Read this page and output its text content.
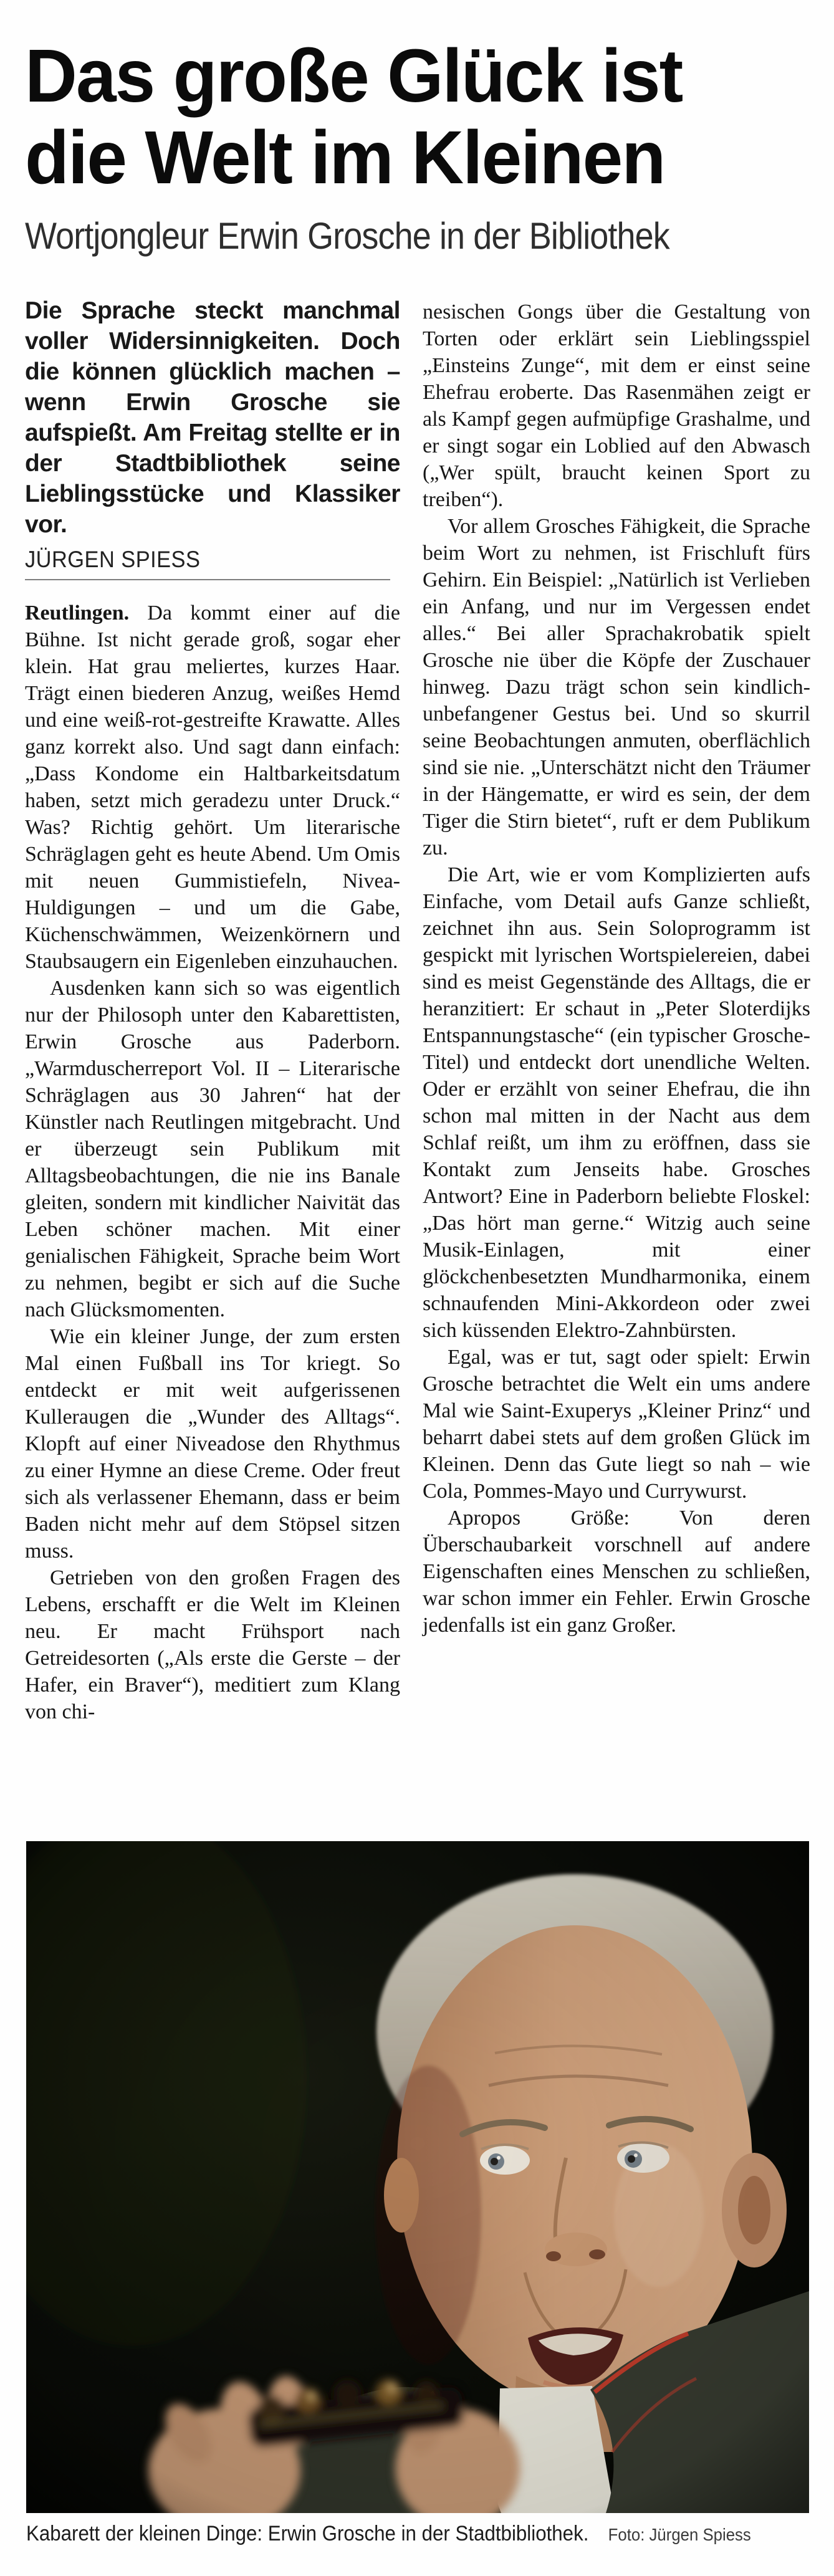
Das große Glück ist
die Welt im Kleinen
Wortjongleur Erwin Grosche in der Bibliothek

Die Sprache steckt manchmal voller Widersinnigkeiten. Doch die können glücklich machen – wenn Erwin Grosche sie aufspießt. Am Freitag stellte er in der Stadtbibliothek seine Lieblingsstücke und Klassiker vor.

JÜRGEN SPIESS

Reutlingen. Da kommt einer auf die Bühne. Ist nicht gerade groß, sogar eher klein. Hat grau meliertes, kurzes Haar. Trägt einen biederen Anzug, weißes Hemd und eine weiß-rot-gestreifte Krawatte. Alles ganz korrekt also. Und sagt dann einfach: „Dass Kondome ein Haltbarkeitsdatum haben, setzt mich geradezu unter Druck.“ Was? Richtig gehört. Um literarische Schräglagen geht es heute Abend. Um Omis mit neuen Gummistiefeln, Nivea-Huldigungen – und um die Gabe, Küchenschwämmen, Weizenkörnern und Staubsaugern ein Eigenleben einzuhauchen.

Ausdenken kann sich so was eigentlich nur der Philosoph unter den Kabarettisten, Erwin Grosche aus Paderborn. „Warmduscherreport Vol. II – Literarische Schräglagen aus 30 Jahren“ hat der Künstler nach Reutlingen mitgebracht. Und er überzeugt sein Publikum mit Alltagsbeobachtungen, die nie ins Banale gleiten, sondern mit kindlicher Naivität das Leben schöner machen. Mit einer genialischen Fähigkeit, Sprache beim Wort zu nehmen, begibt er sich auf die Suche nach Glücksmomenten.

Wie ein kleiner Junge, der zum ersten Mal einen Fußball ins Tor kriegt. So entdeckt er mit weit aufgerissenen Kulleraugen die „Wunder des Alltags“. Klopft auf einer Niveadose den Rhythmus zu einer Hymne an diese Creme. Oder freut sich als verlassener Ehemann, dass er beim Baden nicht mehr auf dem Stöpsel sitzen muss.

Getrieben von den großen Fragen des Lebens, erschafft er die Welt im Kleinen neu. Er macht Frühsport nach Getreidesorten („Als erste die Gerste – der Hafer, ein Braver“), meditiert zum Klang von chi-

nesischen Gongs über die Gestaltung von Torten oder erklärt sein Lieblingsspiel „Einsteins Zunge“, mit dem er einst seine Ehefrau eroberte. Das Rasenmähen zeigt er als Kampf gegen aufmüpfige Grashalme, und er singt sogar ein Loblied auf den Abwasch („Wer spült, braucht keinen Sport zu treiben“).

Vor allem Grosches Fähigkeit, die Sprache beim Wort zu nehmen, ist Frischluft fürs Gehirn. Ein Beispiel: „Natürlich ist Verlieben ein Anfang, und nur im Vergessen endet alles.“ Bei aller Sprachakrobatik spielt Grosche nie über die Köpfe der Zuschauer hinweg. Dazu trägt schon sein kindlich-unbefangener Gestus bei. Und so skurril seine Beobachtungen anmuten, oberflächlich sind sie nie. „Unterschätzt nicht den Träumer in der Hängematte, er wird es sein, der dem Tiger die Stirn bietet“, ruft er dem Publikum zu.

Die Art, wie er vom Komplizierten aufs Einfache, vom Detail aufs Ganze schließt, zeichnet ihn aus. Sein Soloprogramm ist gespickt mit lyrischen Wortspielereien, dabei sind es meist Gegenstände des Alltags, die er heranzitiert: Er schaut in „Peter Sloterdijks Entspannungstasche“ (ein typischer Grosche-Titel) und entdeckt dort unendliche Welten. Oder er erzählt von seiner Ehefrau, die ihn schon mal mitten in der Nacht aus dem Schlaf reißt, um ihm zu eröffnen, dass sie Kontakt zum Jenseits habe. Grosches Antwort? Eine in Paderborn beliebte Floskel: „Das hört man gerne.“ Witzig auch seine Musik-Einlagen, mit einer glöckchenbesetzten Mundharmonika, einem schnaufenden Mini-Akkordeon oder zwei sich küssenden Elektro-Zahnbürsten.

Egal, was er tut, sagt oder spielt: Erwin Grosche betrachtet die Welt ein ums andere Mal wie Saint-Exuperys „Kleiner Prinz“ und beharrt dabei stets auf dem großen Glück im Kleinen. Denn das Gute liegt so nah – wie Cola, Pommes-Mayo und Currywurst.

Apropos Größe: Von deren Überschaubarkeit vorschnell auf andere Eigenschaften eines Menschen zu schließen, war schon immer ein Fehler. Erwin Grosche jedenfalls ist ein ganz Großer.

Kabarett der kleinen Dinge: Erwin Grosche in der Stadtbibliothek. Foto: Jürgen Spiess
